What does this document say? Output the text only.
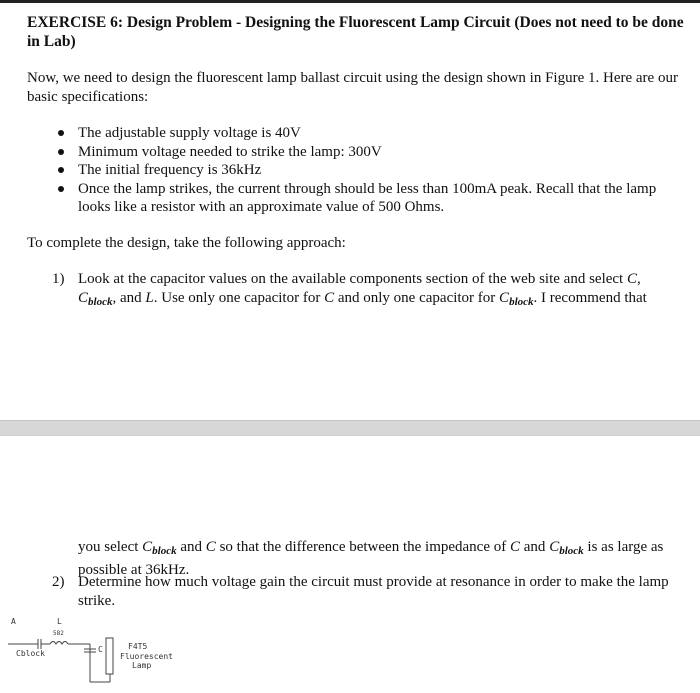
EXERCISE 6: Design Problem - Designing the Fluorescent Lamp Circuit (Does not need to be done in Lab)
Now, we need to design the fluorescent lamp ballast circuit using the design shown in Figure 1. Here are our basic specifications:
The adjustable supply voltage is 40V
Minimum voltage needed to strike the lamp: 300V
The initial frequency is 36kHz
Once the lamp strikes, the current through should be less than 100mA peak. Recall that the lamp looks like a resistor with an approximate value of 500 Ohms.
To complete the design, take the following approach:
1) Look at the capacitor values on the available components section of the web site and select C, $C_{block}$, and L. Use only one capacitor for C and only one capacitor for $C_{block}$. I recommend that
you select $C_{block}$ and C so that the difference between the impedance of C and $C_{block}$ is as large as possible at 36kHz.
2) Determine how much voltage gain the circuit must provide at resonance in order to make the lamp strike.
A	L
582
Cblock	C	F4T5
Fluorescent
Lamp
